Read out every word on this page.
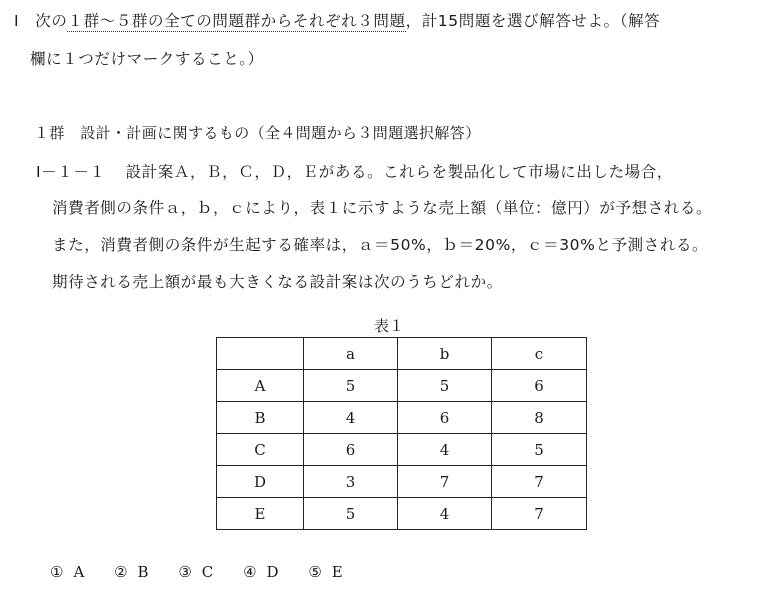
Ⅰ　次の１群～５群の全ての問題群からそれぞれ３問題，計15問題を選び解答せよ。（解答
欄に１つだけマークすること。）
１群　設計・計画に関するもの（全４問題から３問題選択解答）
Ⅰ－１－１ 設計案Ａ，Ｂ，Ｃ，Ｄ，Ｅがある。これらを製品化して市場に出した場合，
消費者側の条件ａ，ｂ，ｃにより，表１に示すような売上額（単位：億円）が予想される。
また，消費者側の条件が生起する確率は，ａ＝50%，ｂ＝20%，ｃ＝30%と予測される。
期待される売上額が最も大きくなる設計案は次のうちどれか。
表１
	a	b	c
A	5	5	6
B	4	6	8
C	6	4	5
D	3	7	7
E	5	4	7
① A ② B ③ C ④ D ⑤ E
